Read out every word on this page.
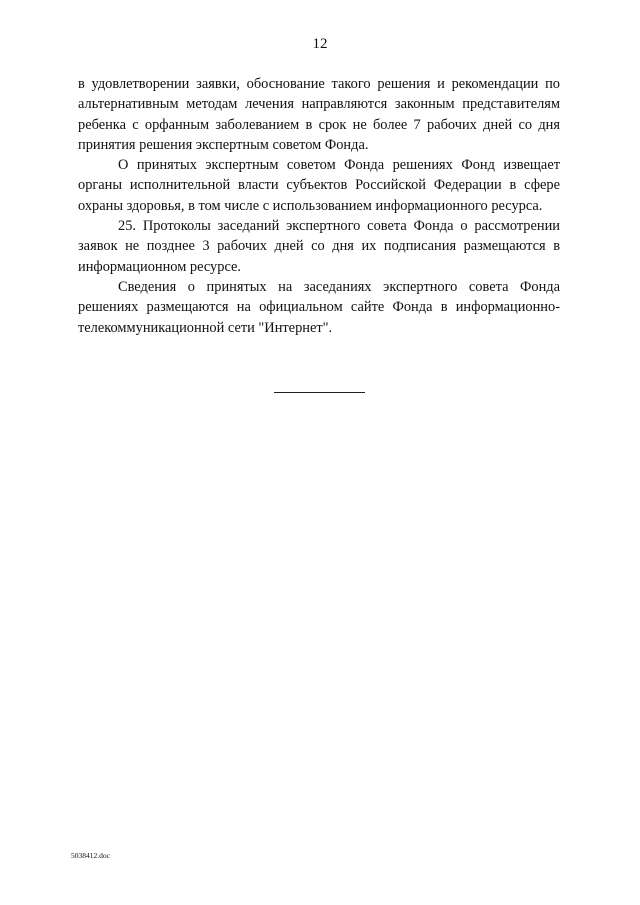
12

в удовлетворении заявки, обоснование такого решения и рекомендации по альтернативным методам лечения направляются законным представителям ребенка с орфанным заболеванием в срок не более 7 рабочих дней со дня принятия решения экспертным советом Фонда.

О принятых экспертным советом Фонда решениях Фонд извещает органы исполнительной власти субъектов Российской Федерации в сфере охраны здоровья, в том числе с использованием информационного ресурса.

25. Протоколы заседаний экспертного совета Фонда о рассмотрении заявок не позднее 3 рабочих дней со дня их подписания размещаются в информационном ресурсе.

Сведения о принятых на заседаниях экспертного совета Фонда решениях размещаются на официальном сайте Фонда в информационно-телекоммуникационной сети "Интернет".

5038412.doc
